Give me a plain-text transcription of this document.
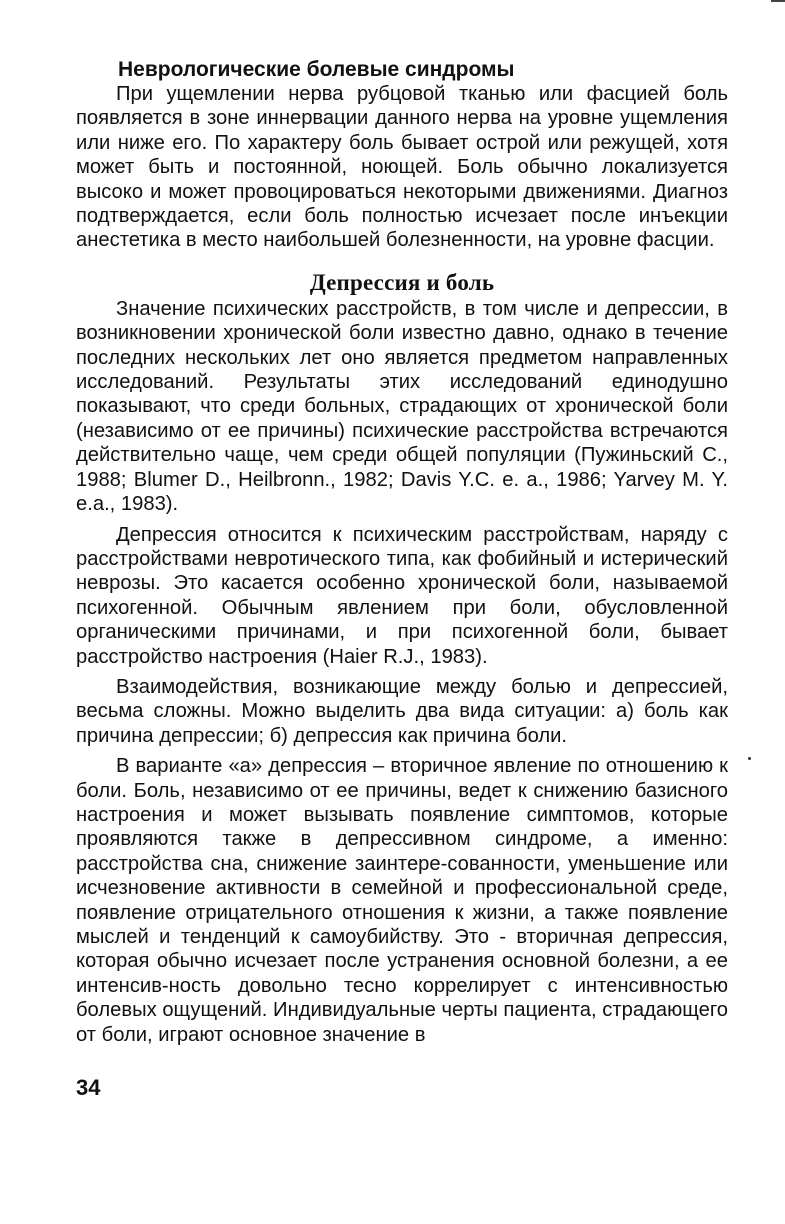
Неврологические болевые синдромы

При ущемлении нерва рубцовой тканью или фасцией боль появляется в зоне иннервации данного нерва на уровне ущемления или ниже его. По характеру боль бывает острой или режущей, хотя может быть и постоянной, ноющей. Боль обычно локализуется высоко и может провоцироваться некоторыми движениями. Диагноз подтверждается, если боль полностью исчезает после инъекции анестетика в место наибольшей болезненности, на уровне фасции.

Депрессия и боль

Значение психических расстройств, в том числе и депрессии, в возникновении хронической боли известно давно, однако в течение последних нескольких лет оно является предметом направленных исследований. Результаты этих исследований единодушно показывают, что среди больных, страдающих от хронической боли (независимо от ее причины) психические расстройства встречаются действительно чаще, чем среди общей популяции (Пужиньский С., 1988; Blumer D., Heilbronn., 1982; Davis Y.C. e. a., 1986; Yarvey M. Y. e.a., 1983).

Депрессия относится к психическим расстройствам, наряду с расстройствами невротического типа, как фобийный и истерический неврозы. Это касается особенно хронической боли, называемой психогенной. Обычным явлением при боли, обусловленной органическими причинами, и при психогенной боли, бывает расстройство настроения (Haier R.J., 1983).

Взаимодействия, возникающие между болью и депрессией, весьма сложны. Можно выделить два вида ситуации: а) боль как причина депрессии; б) депрессия как причина боли.

В варианте «а» депрессия – вторичное явление по отношению к боли. Боль, независимо от ее причины, ведет к снижению базисного настроения и может вызывать появление симптомов, которые проявляются также в депрессивном синдроме, а именно: расстройства сна, снижение заинтере-сованности, уменьшение или исчезновение активности в семейной и профессиональной среде, появление отрицательного отношения к жизни, а также появление мыслей и тенденций к самоубийству. Это - вторичная депрессия, которая обычно исчезает после устранения основной болезни, а ее интенсив-ность довольно тесно коррелирует с интенсивностью болевых ощущений. Индивидуальные черты пациента, страдающего от боли, играют основное значение в

34
